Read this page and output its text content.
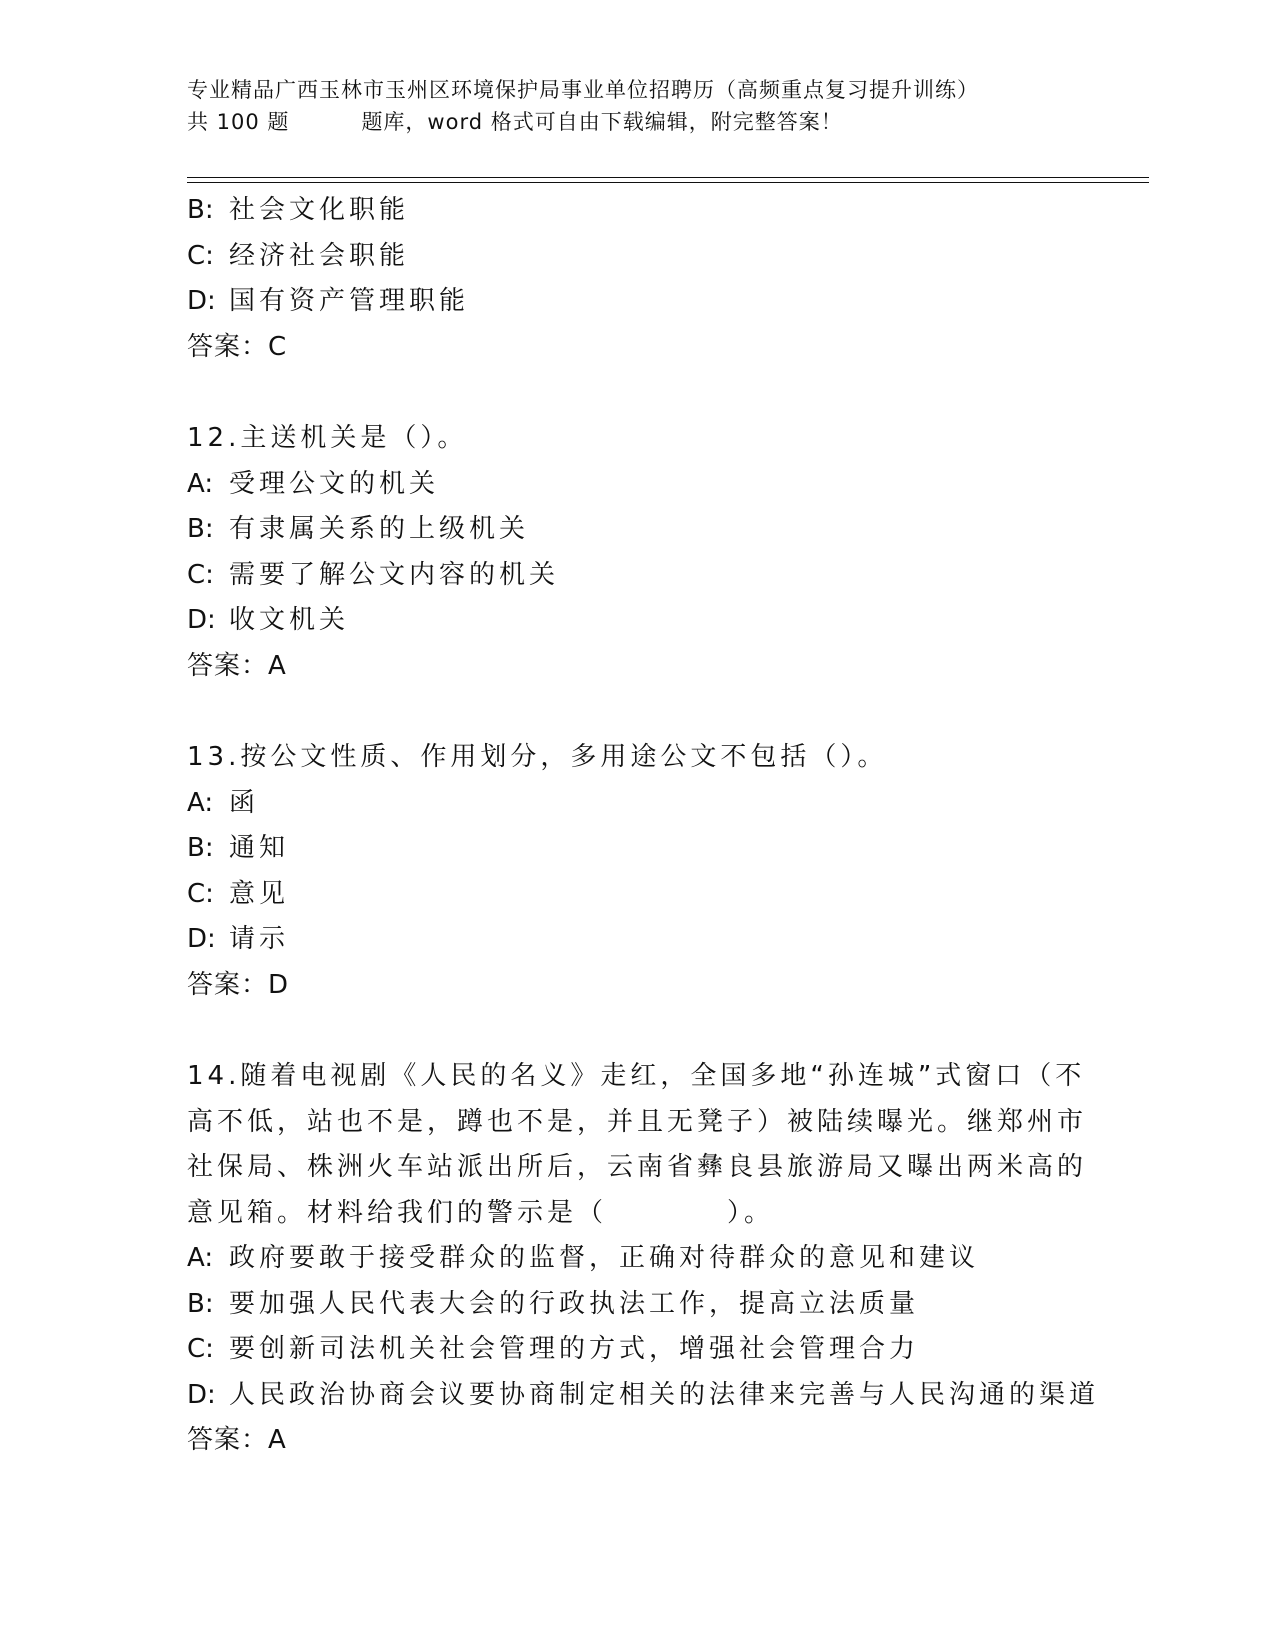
专业精品广西玉林市玉州区环境保护局事业单位招聘历（高频重点复习提升训练）
共 100 题	题库，word 格式可自由下载编辑，附完整答案！
B: 社会文化职能
C: 经济社会职能
D: 国有资产管理职能
答案：C
12.主送机关是（）。
A: 受理公文的机关
B: 有隶属关系的上级机关
C: 需要了解公文内容的机关
D: 收文机关
答案：A
13.按公文性质、作用划分，多用途公文不包括（）。
A: 函
B: 通知
C: 意见
D: 请示
答案：D
14.随着电视剧《人民的名义》走红，全国多地“孙连城”式窗口（不
高不低，站也不是，蹲也不是，并且无凳子）被陆续曝光。继郑州市
社保局、株洲火车站派出所后，云南省彝良县旅游局又曝出两米高的
意见箱。材料给我们的警示是（	）。
A: 政府要敢于接受群众的监督，正确对待群众的意见和建议
B: 要加强人民代表大会的行政执法工作，提高立法质量
C: 要创新司法机关社会管理的方式，增强社会管理合力
D: 人民政治协商会议要协商制定相关的法律来完善与人民沟通的渠道
答案：A
